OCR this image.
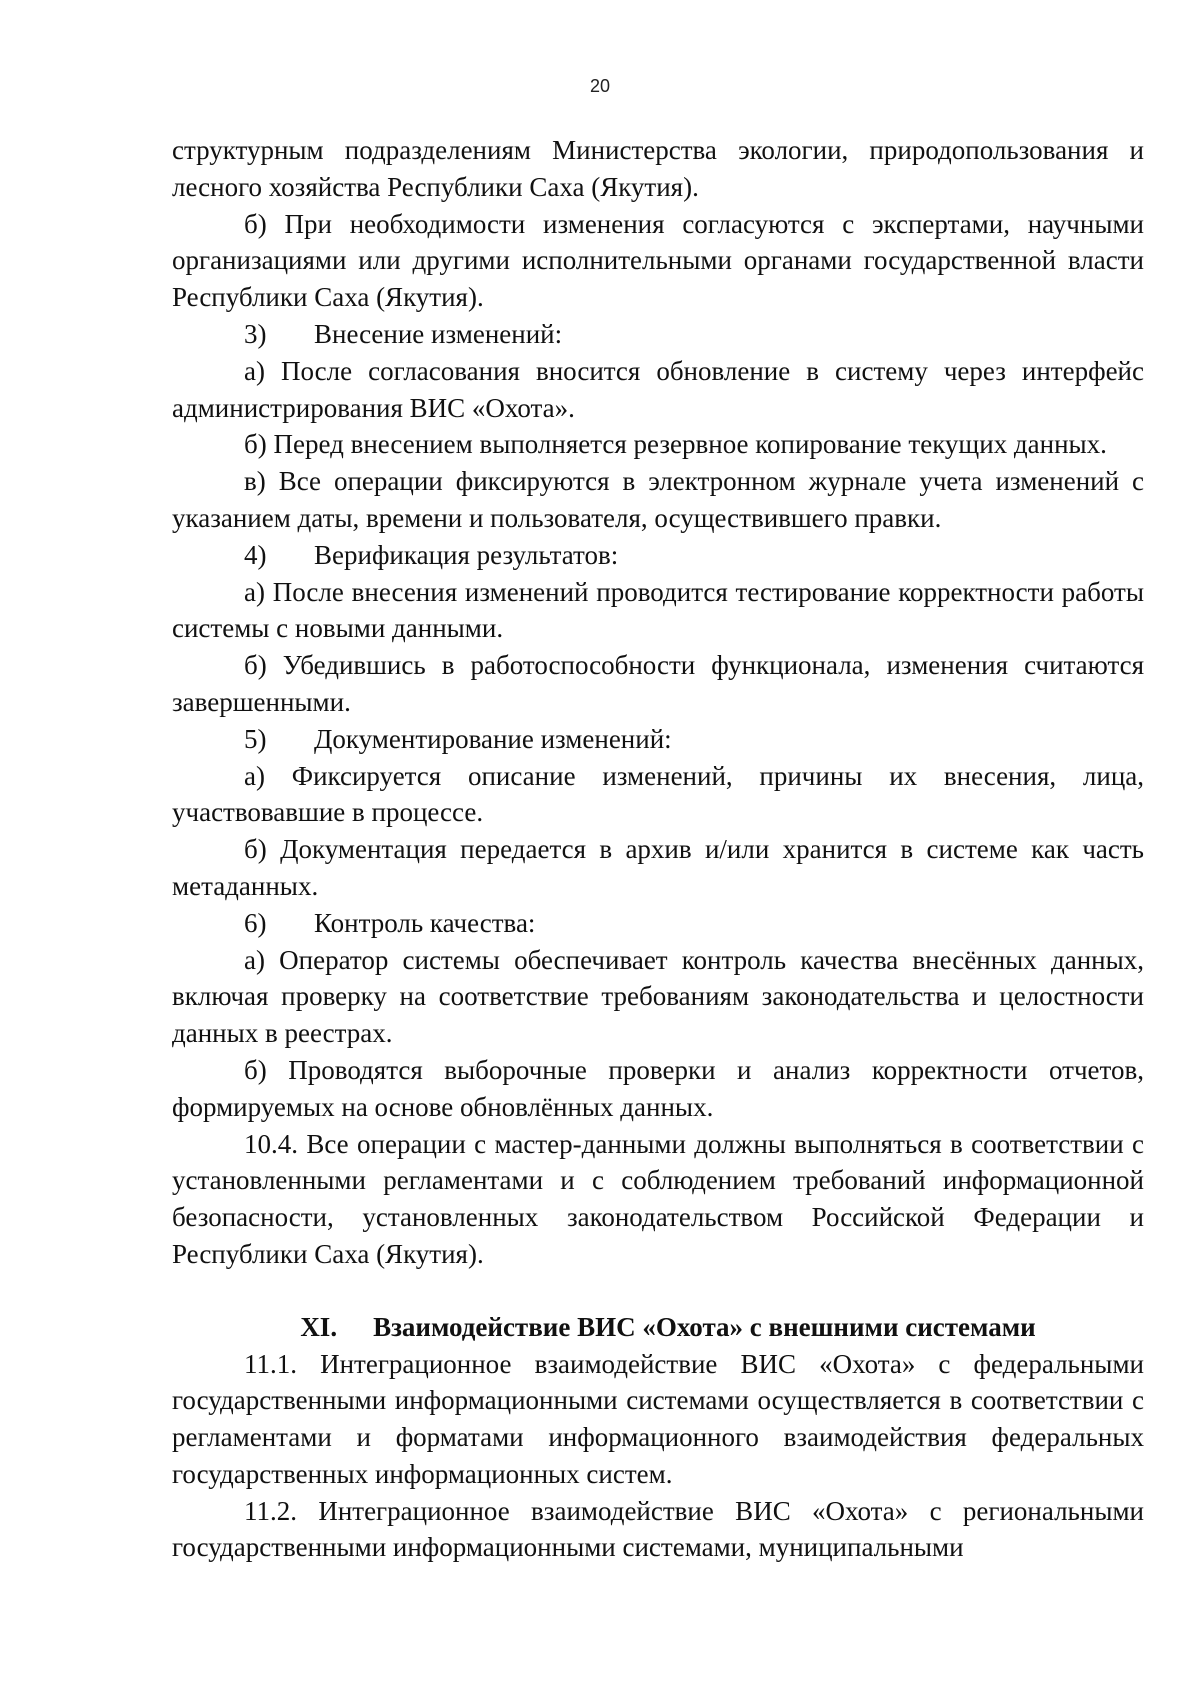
20

структурным подразделениям Министерства экологии, природопользования и лесного хозяйства Республики Саха (Якутия).

б) При необходимости изменения согласуются с экспертами, научными организациями или другими исполнительными органами государственной власти Республики Саха (Якутия).

3) Внесение изменений:

а) После согласования вносится обновление в систему через интерфейс администрирования ВИС «Охота».

б) Перед внесением выполняется резервное копирование текущих данных.

в) Все операции фиксируются в электронном журнале учета изменений с указанием даты, времени и пользователя, осуществившего правки.

4) Верификация результатов:

а) После внесения изменений проводится тестирование корректности работы системы с новыми данными.

б) Убедившись в работоспособности функционала, изменения считаются завершенными.

5) Документирование изменений:

а) Фиксируется описание изменений, причины их внесения, лица, участвовавшие в процессе.

б) Документация передается в архив и/или хранится в системе как часть метаданных.

6) Контроль качества:

а) Оператор системы обеспечивает контроль качества внесённых данных, включая проверку на соответствие требованиям законодательства и целостности данных в реестрах.

б) Проводятся выборочные проверки и анализ корректности отчетов, формируемых на основе обновлённых данных.

10.4. Все операции с мастер-данными должны выполняться в соответствии с установленными регламентами и с соблюдением требований информационной безопасности, установленных законодательством Российской Федерации и Республики Саха (Якутия).

XI. Взаимодействие ВИС «Охота» с внешними системами

11.1. Интеграционное взаимодействие ВИС «Охота» с федеральными государственными информационными системами осуществляется в соответствии с регламентами и форматами информационного взаимодействия федеральных государственных информационных систем.

11.2. Интеграционное взаимодействие ВИС «Охота» с региональными государственными информационными системами, муниципальными
